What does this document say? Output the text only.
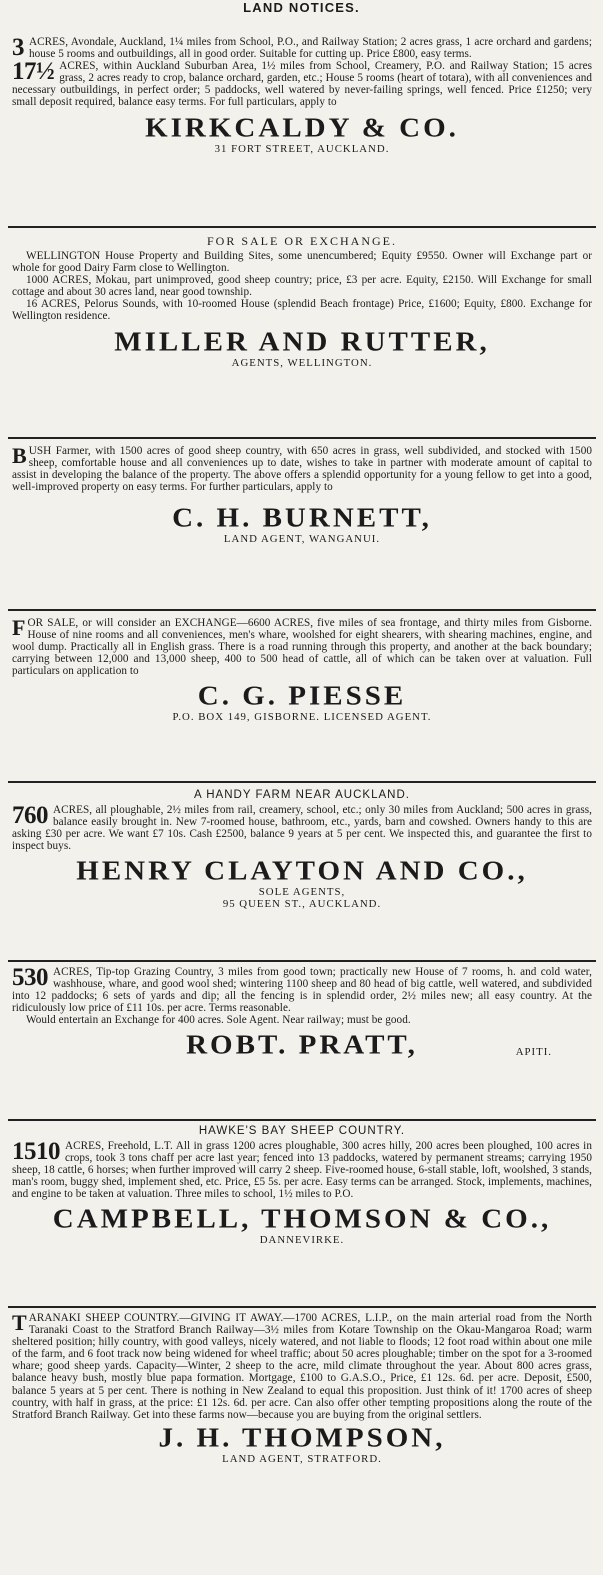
LAND NOTICES.

3 ACRES, Avondale, Auckland, 1¼ miles from School, P.O., and Railway Station; 2 acres grass, 1 acre orchard and gardens; house 5 rooms and outbuildings, all in good order. Suitable for cutting up. Price £800, easy terms.

17½ ACRES, within Auckland Suburban Area, 1½ miles from School, Creamery, P.O. and Railway Station; 15 acres grass, 2 acres ready to crop, balance orchard, garden, etc.; House 5 rooms (heart of totara), with all conveniences and necessary outbuildings, in perfect order; 5 paddocks, well watered by never-failing springs, well fenced. Price £1250; very small deposit required, balance easy terms. For full particulars, apply to

KIRKCALDY & CO.
31 FORT STREET, AUCKLAND.
FOR SALE OR EXCHANGE.

WELLINGTON House Property and Building Sites, some unencumbered; Equity £9550. Owner will Exchange part or whole for good Dairy Farm close to Wellington.

1000 ACRES, Mokau, part unimproved, good sheep country; price, £3 per acre. Equity, £2150. Will Exchange for small cottage and about 30 acres land, near good township.

16 ACRES, Pelorus Sounds, with 10-roomed House (splendid Beach frontage) Price, £1600; Equity, £800. Exchange for Wellington residence.

MILLER AND RUTTER,
AGENTS, WELLINGTON.

BUSH Farmer, with 1500 acres of good sheep country, with 650 acres in grass, well subdivided, and stocked with 1500 sheep, comfortable house and all conveniences up to date, wishes to take in partner with moderate amount of capital to assist in developing the balance of the property. The above offers a splendid opportunity for a young fellow to get into a good, well-improved property on easy terms. For further particulars, apply to

C. H. BURNETT,
LAND AGENT, WANGANUI.

FOR SALE, or will consider an EXCHANGE—6600 ACRES, five miles of sea frontage, and thirty miles from Gisborne. House of nine rooms and all conveniences, men's whare, woolshed for eight shearers, with shearing machines, engine, and wool dump. Practically all in English grass. There is a road running through this property, and another at the back boundary; carrying between 12,000 and 13,000 sheep, 400 to 500 head of cattle, all of which can be taken over at valuation. Full particulars on application to

C. G. PIESSE
P.O. BOX 149, GISBORNE. LICENSED AGENT.
A HANDY FARM NEAR AUCKLAND.

760 ACRES, all ploughable, 2½ miles from rail, creamery, school, etc.; only 30 miles from Auckland; 500 acres in grass, balance easily brought in. New 7-roomed house, bathroom, etc., yards, barn and cowshed. Owners handy to this are asking £30 per acre. We want £7 10s. Cash £2500, balance 9 years at 5 per cent. We inspected this, and guarantee the first to inspect buys.

HENRY CLAYTON AND CO.,
SOLE AGENTS,
95 QUEEN ST., AUCKLAND.

530 ACRES, Tip-top Grazing Country, 3 miles from good town; practically new House of 7 rooms, h. and cold water, washhouse, whare, and good wool shed; wintering 1100 sheep and 80 head of big cattle, well watered, and subdivided into 12 paddocks; 6 sets of yards and dip; all the fencing is in splendid order, 2½ miles new; all easy country. At the ridiculously low price of £11 10s. per acre. Terms reasonable.

Would entertain an Exchange for 400 acres. Sole Agent. Near railway; must be good.

ROBT. PRATT,	APITI.
HAWKE'S BAY SHEEP COUNTRY.

1510 ACRES, Freehold, L.T. All in grass 1200 acres ploughable, 300 acres hilly, 200 acres been ploughed, 100 acres in crops, took 3 tons chaff per acre last year; fenced into 13 paddocks, watered by permanent streams; carrying 1950 sheep, 18 cattle, 6 horses; when further improved will carry 2 sheep. Five-roomed house, 6-stall stable, loft, woolshed, 3 stands, man's room, buggy shed, implement shed, etc. Price, £5 5s. per acre. Easy terms can be arranged. Stock, implements, machines, and engine to be taken at valuation. Three miles to school, 1½ miles to P.O.

CAMPBELL, THOMSON & CO.,
DANNEVIRKE.

TARANAKI SHEEP COUNTRY.—GIVING IT AWAY.—1700 ACRES, L.I.P., on the main arterial road from the North Taranaki Coast to the Stratford Branch Railway—3½ miles from Kotare Township on the Okau-Mangaroa Road; warm sheltered position; hilly country, with good valleys, nicely watered, and not liable to floods; 12 foot road within about one mile of the farm, and 6 foot track now being widened for wheel traffic; about 50 acres ploughable; timber on the spot for a 3-roomed whare; good sheep yards. Capacity—Winter, 2 sheep to the acre, mild climate throughout the year. About 800 acres grass, balance heavy bush, mostly blue papa formation. Mortgage, £100 to G.A.S.O., Price, £1 12s. 6d. per acre. Deposit, £500, balance 5 years at 5 per cent. There is nothing in New Zealand to equal this proposition. Just think of it! 1700 acres of sheep country, with half in grass, at the price: £1 12s. 6d. per acre. Can also offer other tempting propositions along the route of the Stratford Branch Railway. Get into these farms now—because you are buying from the original settlers.

J. H. THOMPSON,
LAND AGENT, STRATFORD.
